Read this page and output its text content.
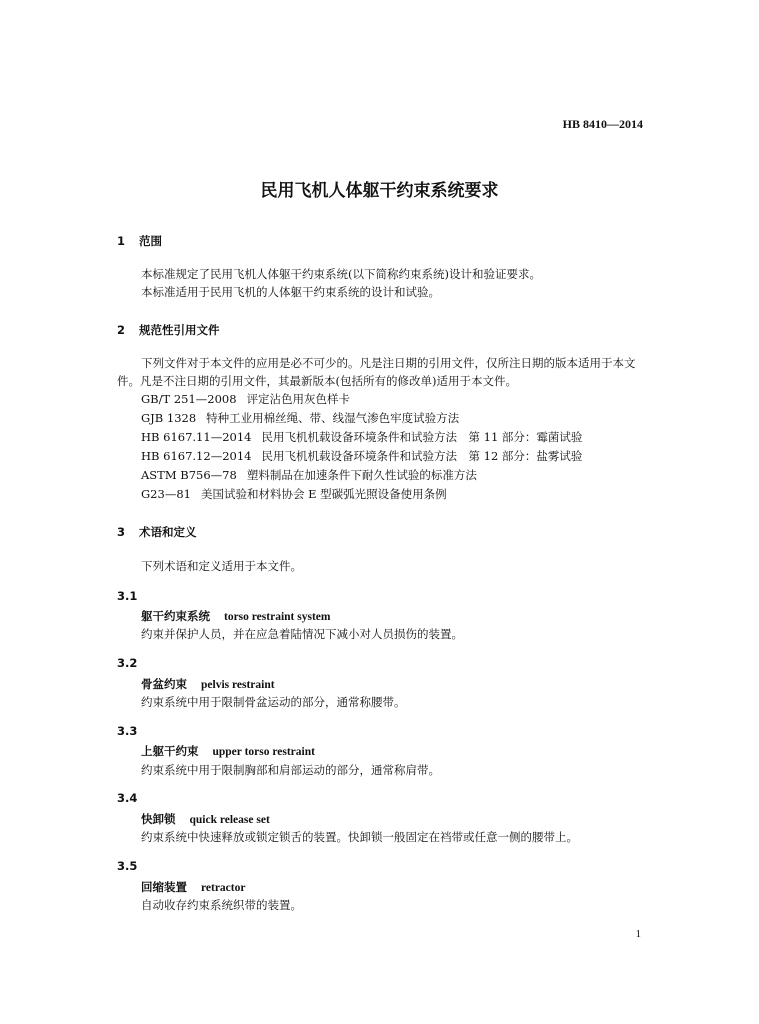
HB 8410—2014
民用飞机人体躯干约束系统要求
1 范围
本标准规定了民用飞机人体躯干约束系统(以下简称约束系统)设计和验证要求。
本标准适用于民用飞机的人体躯干约束系统的设计和试验。
2 规范性引用文件
下列文件对于本文件的应用是必不可少的。凡是注日期的引用文件，仅所注日期的版本适用于本文
件。凡是不注日期的引用文件，其最新版本(包括所有的修改单)适用于本文件。
GB/T 251—2008 评定沾色用灰色样卡
GJB 1328 特种工业用棉丝绳、带、线湿气渗色牢度试验方法
HB 6167.11—2014 民用飞机机载设备环境条件和试验方法　第 11 部分：霉菌试验
HB 6167.12—2014 民用飞机机载设备环境条件和试验方法　第 12 部分：盐雾试验
ASTM B756—78 塑料制品在加速条件下耐久性试验的标准方法
G23—81 美国试验和材料协会 E 型碳弧光照设备使用条例
3 术语和定义
下列术语和定义适用于本文件。
3.1
躯干约束系统 torso restraint system
约束并保护人员，并在应急着陆情况下减小对人员损伤的装置。
3.2
骨盆约束 pelvis restraint
约束系统中用于限制骨盆运动的部分，通常称腰带。
3.3
上躯干约束 upper torso restraint
约束系统中用于限制胸部和肩部运动的部分，通常称肩带。
3.4
快卸锁 quick release set
约束系统中快速释放或锁定锁舌的装置。快卸锁一般固定在裆带或任意一侧的腰带上。
3.5
回缩装置 retractor
自动收存约束系统织带的装置。
1
